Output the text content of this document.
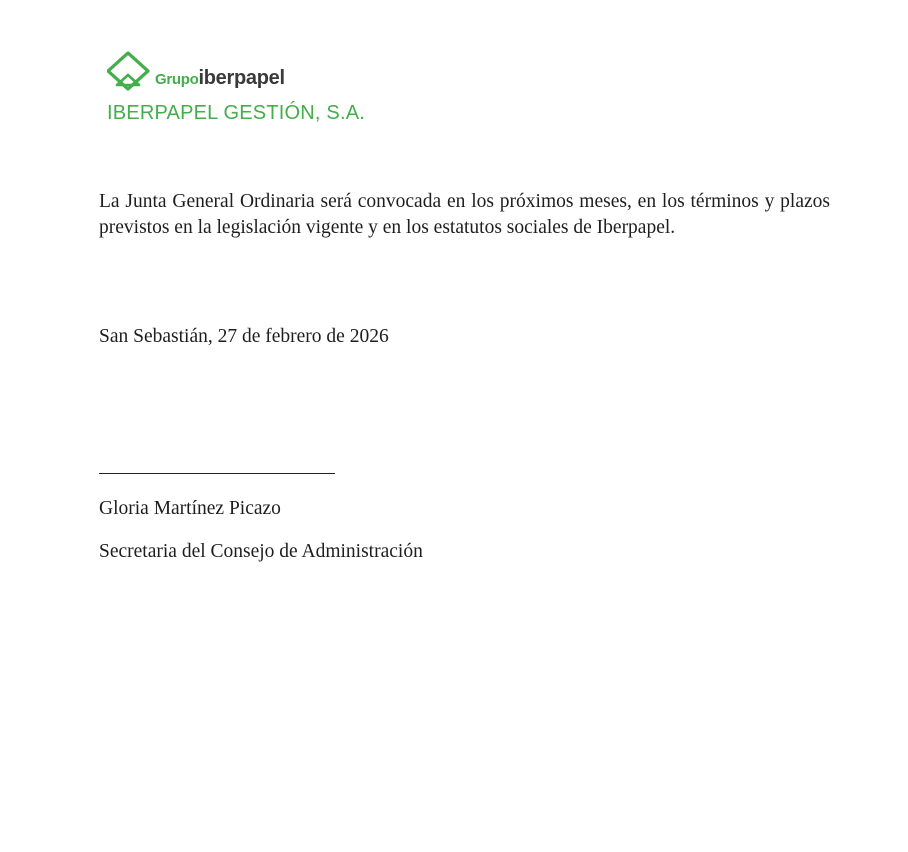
Grupoiberpapel
IBERPAPEL GESTIÓN, S.A.

La Junta General Ordinaria será convocada en los próximos meses, en los términos y plazos previstos en la legislación vigente y en los estatutos sociales de Iberpapel.

San Sebastián, 27 de febrero de 2026

Gloria Martínez Picazo

Secretaria del Consejo de Administración
